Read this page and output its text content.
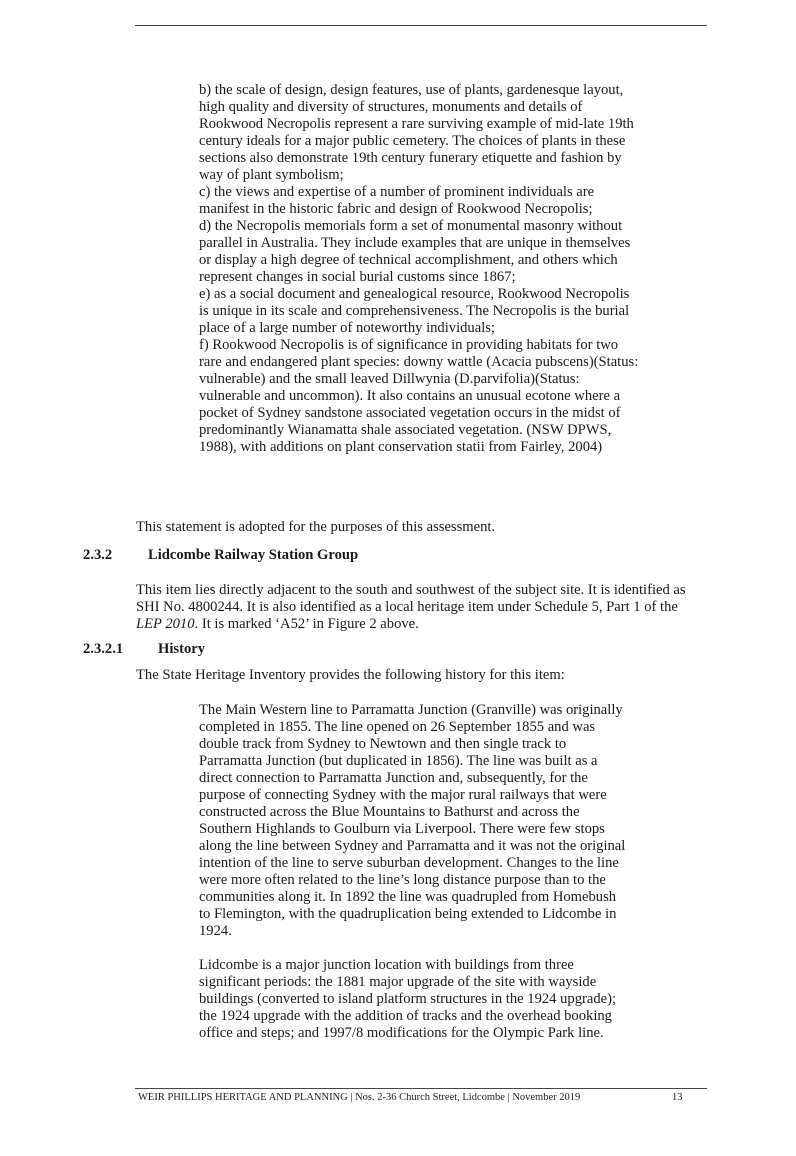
b) the scale of design, design features, use of plants, gardenesque layout, high quality and diversity of structures, monuments and details of Rookwood Necropolis represent a rare surviving example of mid-late 19th century ideals for a major public cemetery. The choices of plants in these sections also demonstrate 19th century funerary etiquette and fashion by way of plant symbolism;

c) the views and expertise of a number of prominent individuals are manifest in the historic fabric and design of Rookwood Necropolis;

d) the Necropolis memorials form a set of monumental masonry without parallel in Australia. They include examples that are unique in themselves or display a high degree of technical accomplishment, and others which represent changes in social burial customs since 1867;

e) as a social document and genealogical resource, Rookwood Necropolis is unique in its scale and comprehensiveness. The Necropolis is the burial place of a large number of noteworthy individuals;

f) Rookwood Necropolis is of significance in providing habitats for two rare and endangered plant species: downy wattle (Acacia pubscens)(Status: vulnerable) and the small leaved Dillwynia (D.parvifolia)(Status: vulnerable and uncommon). It also contains an unusual ecotone where a pocket of Sydney sandstone associated vegetation occurs in the midst of predominantly Wianamatta shale associated vegetation. (NSW DPWS, 1988), with additions on plant conservation statii from Fairley, 2004)

This statement is adopted for the purposes of this assessment.

2.3.2 Lidcombe Railway Station Group

This item lies directly adjacent to the south and southwest of the subject site. It is identified as SHI No. 4800244. It is also identified as a local heritage item under Schedule 5, Part 1 of the LEP 2010. It is marked ‘A52’ in Figure 2 above.

2.3.2.1 History

The State Heritage Inventory provides the following history for this item:

The Main Western line to Parramatta Junction (Granville) was originally completed in 1855. The line opened on 26 September 1855 and was double track from Sydney to Newtown and then single track to Parramatta Junction (but duplicated in 1856). The line was built as a direct connection to Parramatta Junction and, subsequently, for the purpose of connecting Sydney with the major rural railways that were constructed across the Blue Mountains to Bathurst and across the Southern Highlands to Goulburn via Liverpool. There were few stops along the line between Sydney and Parramatta and it was not the original intention of the line to serve suburban development. Changes to the line were more often related to the line’s long distance purpose than to the communities along it. In 1892 the line was quadrupled from Homebush to Flemington, with the quadruplication being extended to Lidcombe in 1924.

Lidcombe is a major junction location with buildings from three significant periods: the 1881 major upgrade of the site with wayside buildings (converted to island platform structures in the 1924 upgrade); the 1924 upgrade with the addition of tracks and the overhead booking office and steps; and 1997/8 modifications for the Olympic Park line.

WEIR PHILLIPS HERITAGE AND PLANNING | Nos. 2-36 Church Street, Lidcombe | November 2019	13
